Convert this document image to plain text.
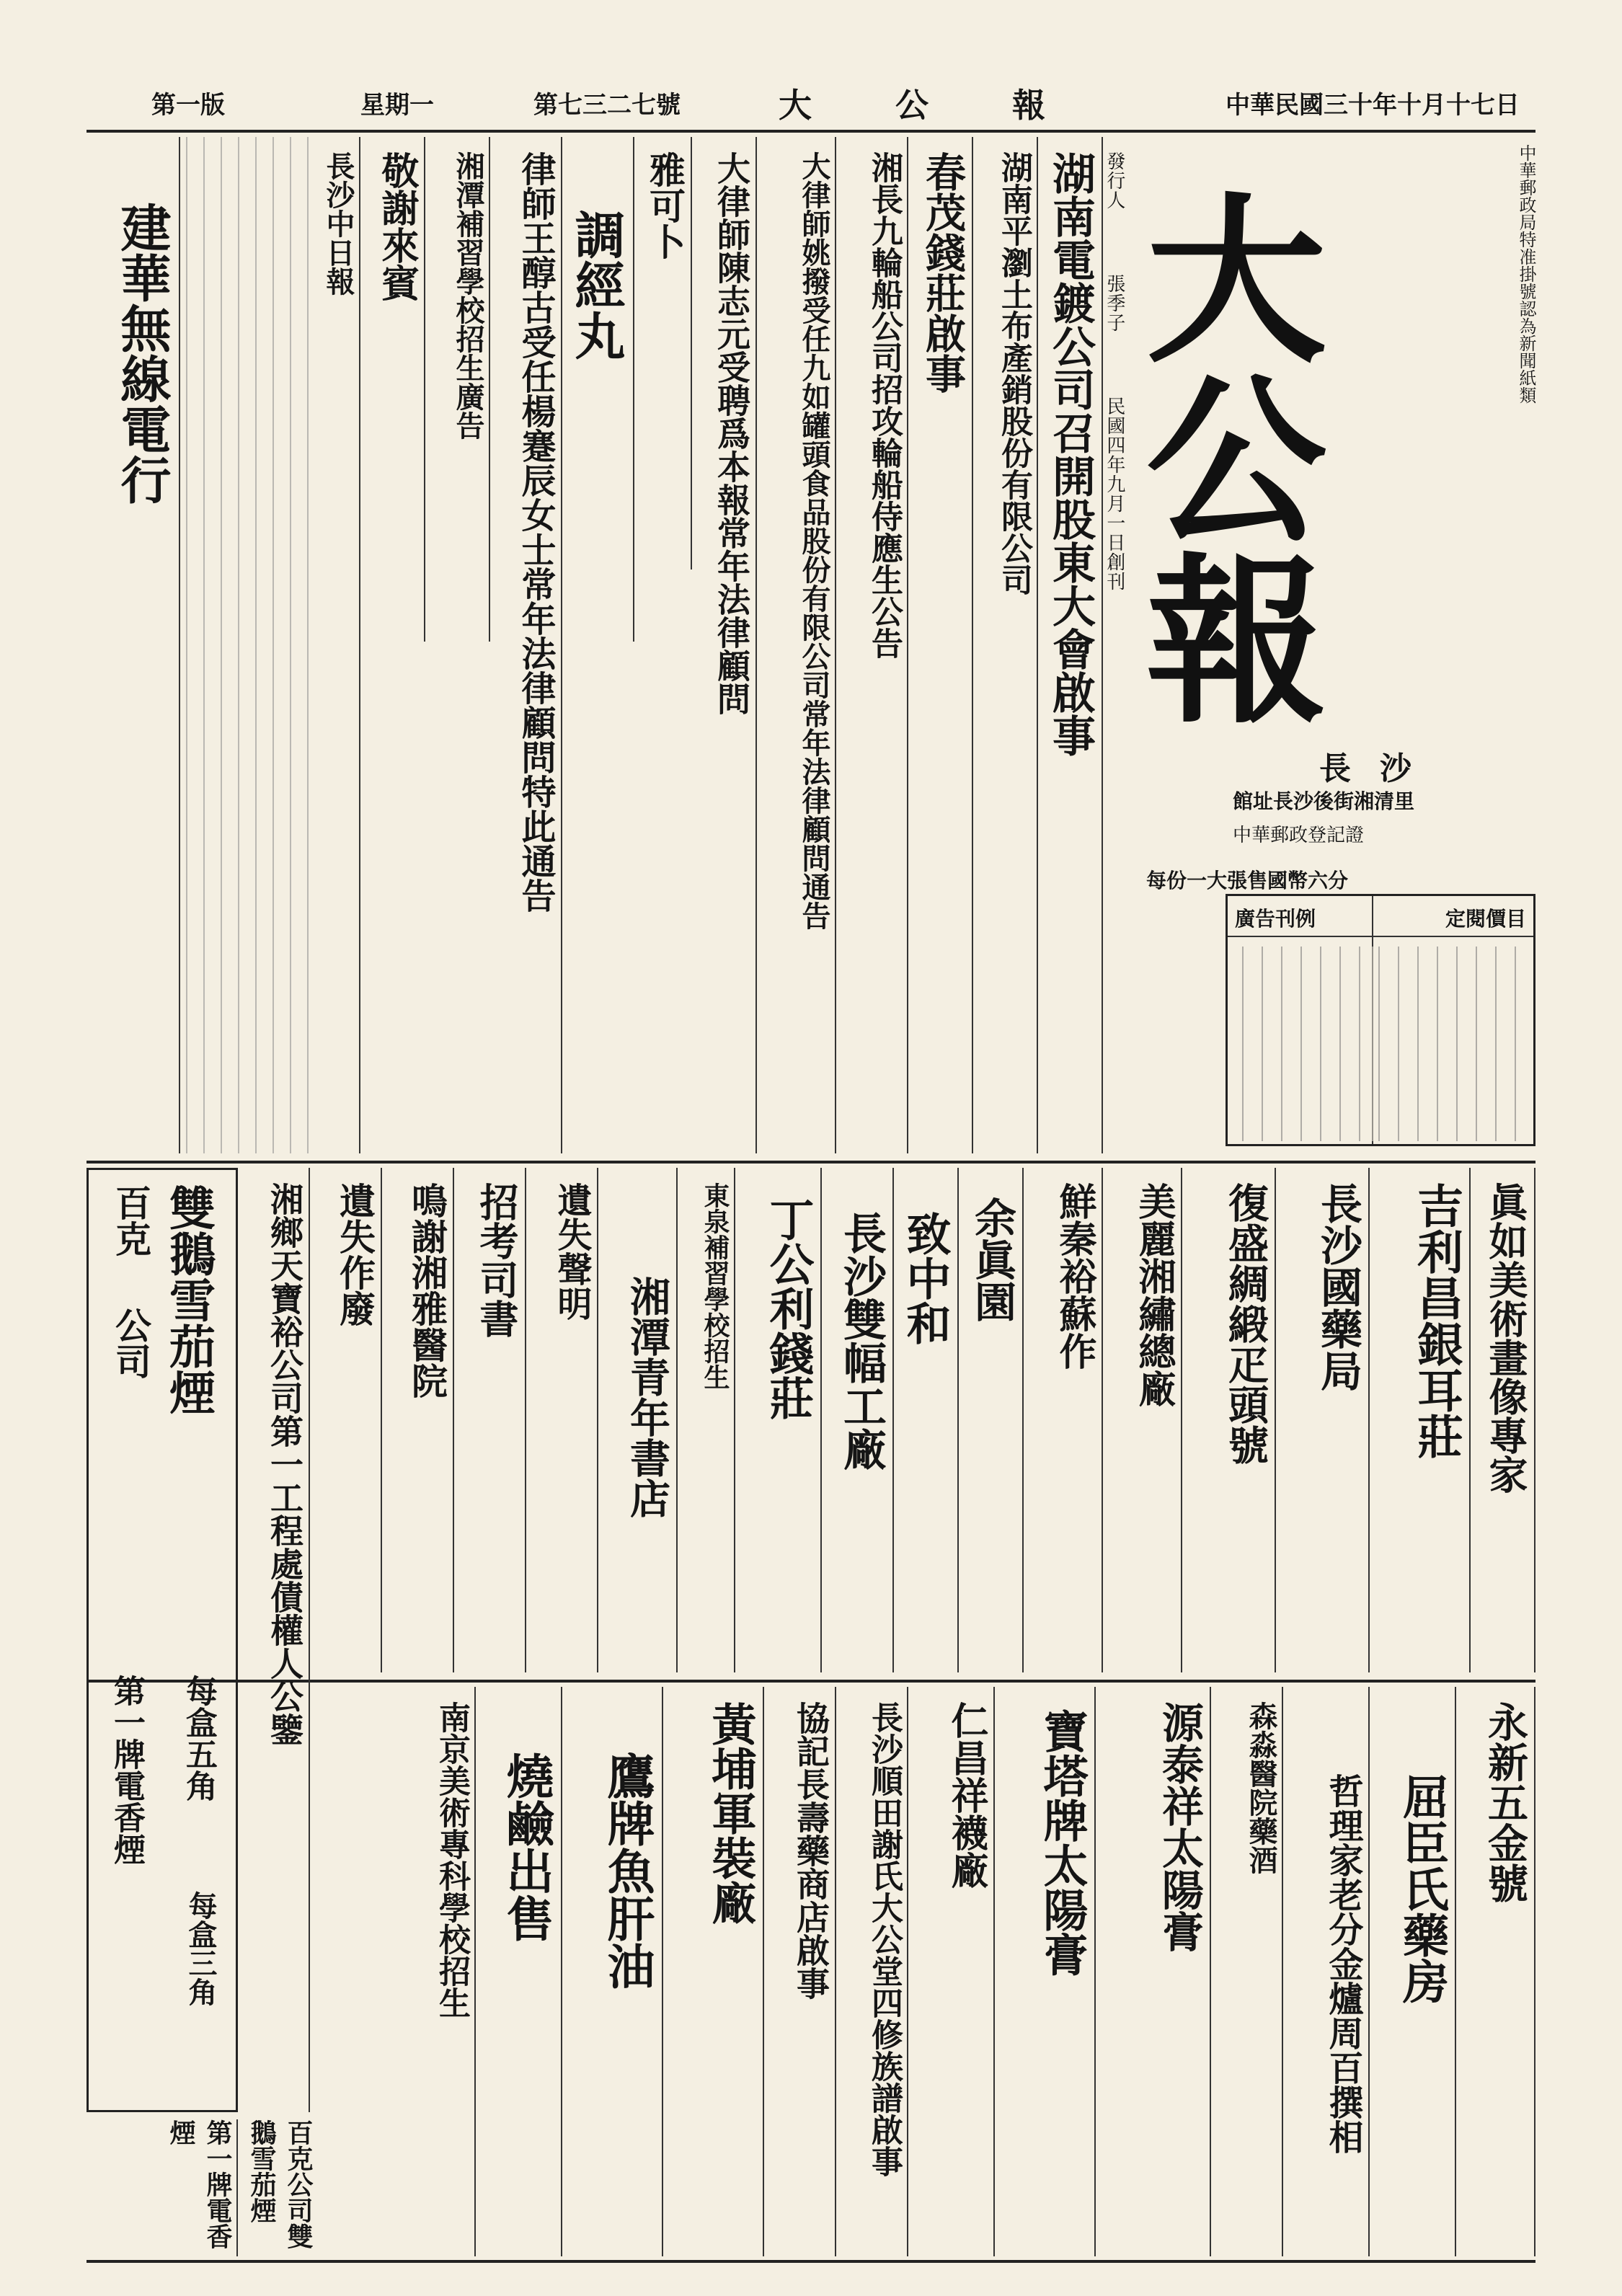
第一版	星期一	第七三二七號	大 公 報	中華民國三十年十月十七日
中華郵政局特准掛號認為新聞紙類
大
公
報
發行人
張季子
民國四年九月一日創刊
長沙
館址長沙後街湘清里
中華郵政登記證
每份一大張售國幣六分
定閱價目
廣告刊例
湖南電鍍公司召開股東大會啟事
湖南平瀏土布產銷股份有限公司
春茂錢莊啟事
湘長九輪船公司招攻輪船侍應生公告
大律師姚撥受任九如罐頭食品股份有限公司常年法律顧問通告
大律師陳志元受聘爲本報常年法律顧問
雅可卜
調經丸
律師王醇古受任楊蹇辰女士常年法律顧問特此通告
湘潭補習學校招生廣告
敬謝來賓
長沙中日報
建華無線電行
眞如美術畫像專家
吉利昌銀耳莊
長沙國藥局
復盛綢緞疋頭號
美麗湘繡總廠
鮮秦裕蘇作
余眞園
致中和
長沙雙幅工廠
丁公利錢莊
東泉補習學校招生
湘潭青年書店
遺失聲明
招考司書
鳴謝湘雅醫院
遺失作廢
湘鄉天寶裕公司第一工程處債權人公鑒
永新五金號
屈臣氏藥房
哲理家老分金爐周百撰相
森淼醫院藥酒
源泰祥太陽膏
寶塔牌太陽膏
仁昌祥襪廠
長沙順田謝氏大公堂四修族譜啟事
協記長壽藥商店啟事
黃埔軍裝廠
鷹牌魚肝油
燒鹼出售
南京美術專科學校招生
百克
公司 雙鵝雪茄煙
每盒五角
第一牌電香煙
每盒三角
百克公司雙鵝雪茄煙
第一牌電香煙
